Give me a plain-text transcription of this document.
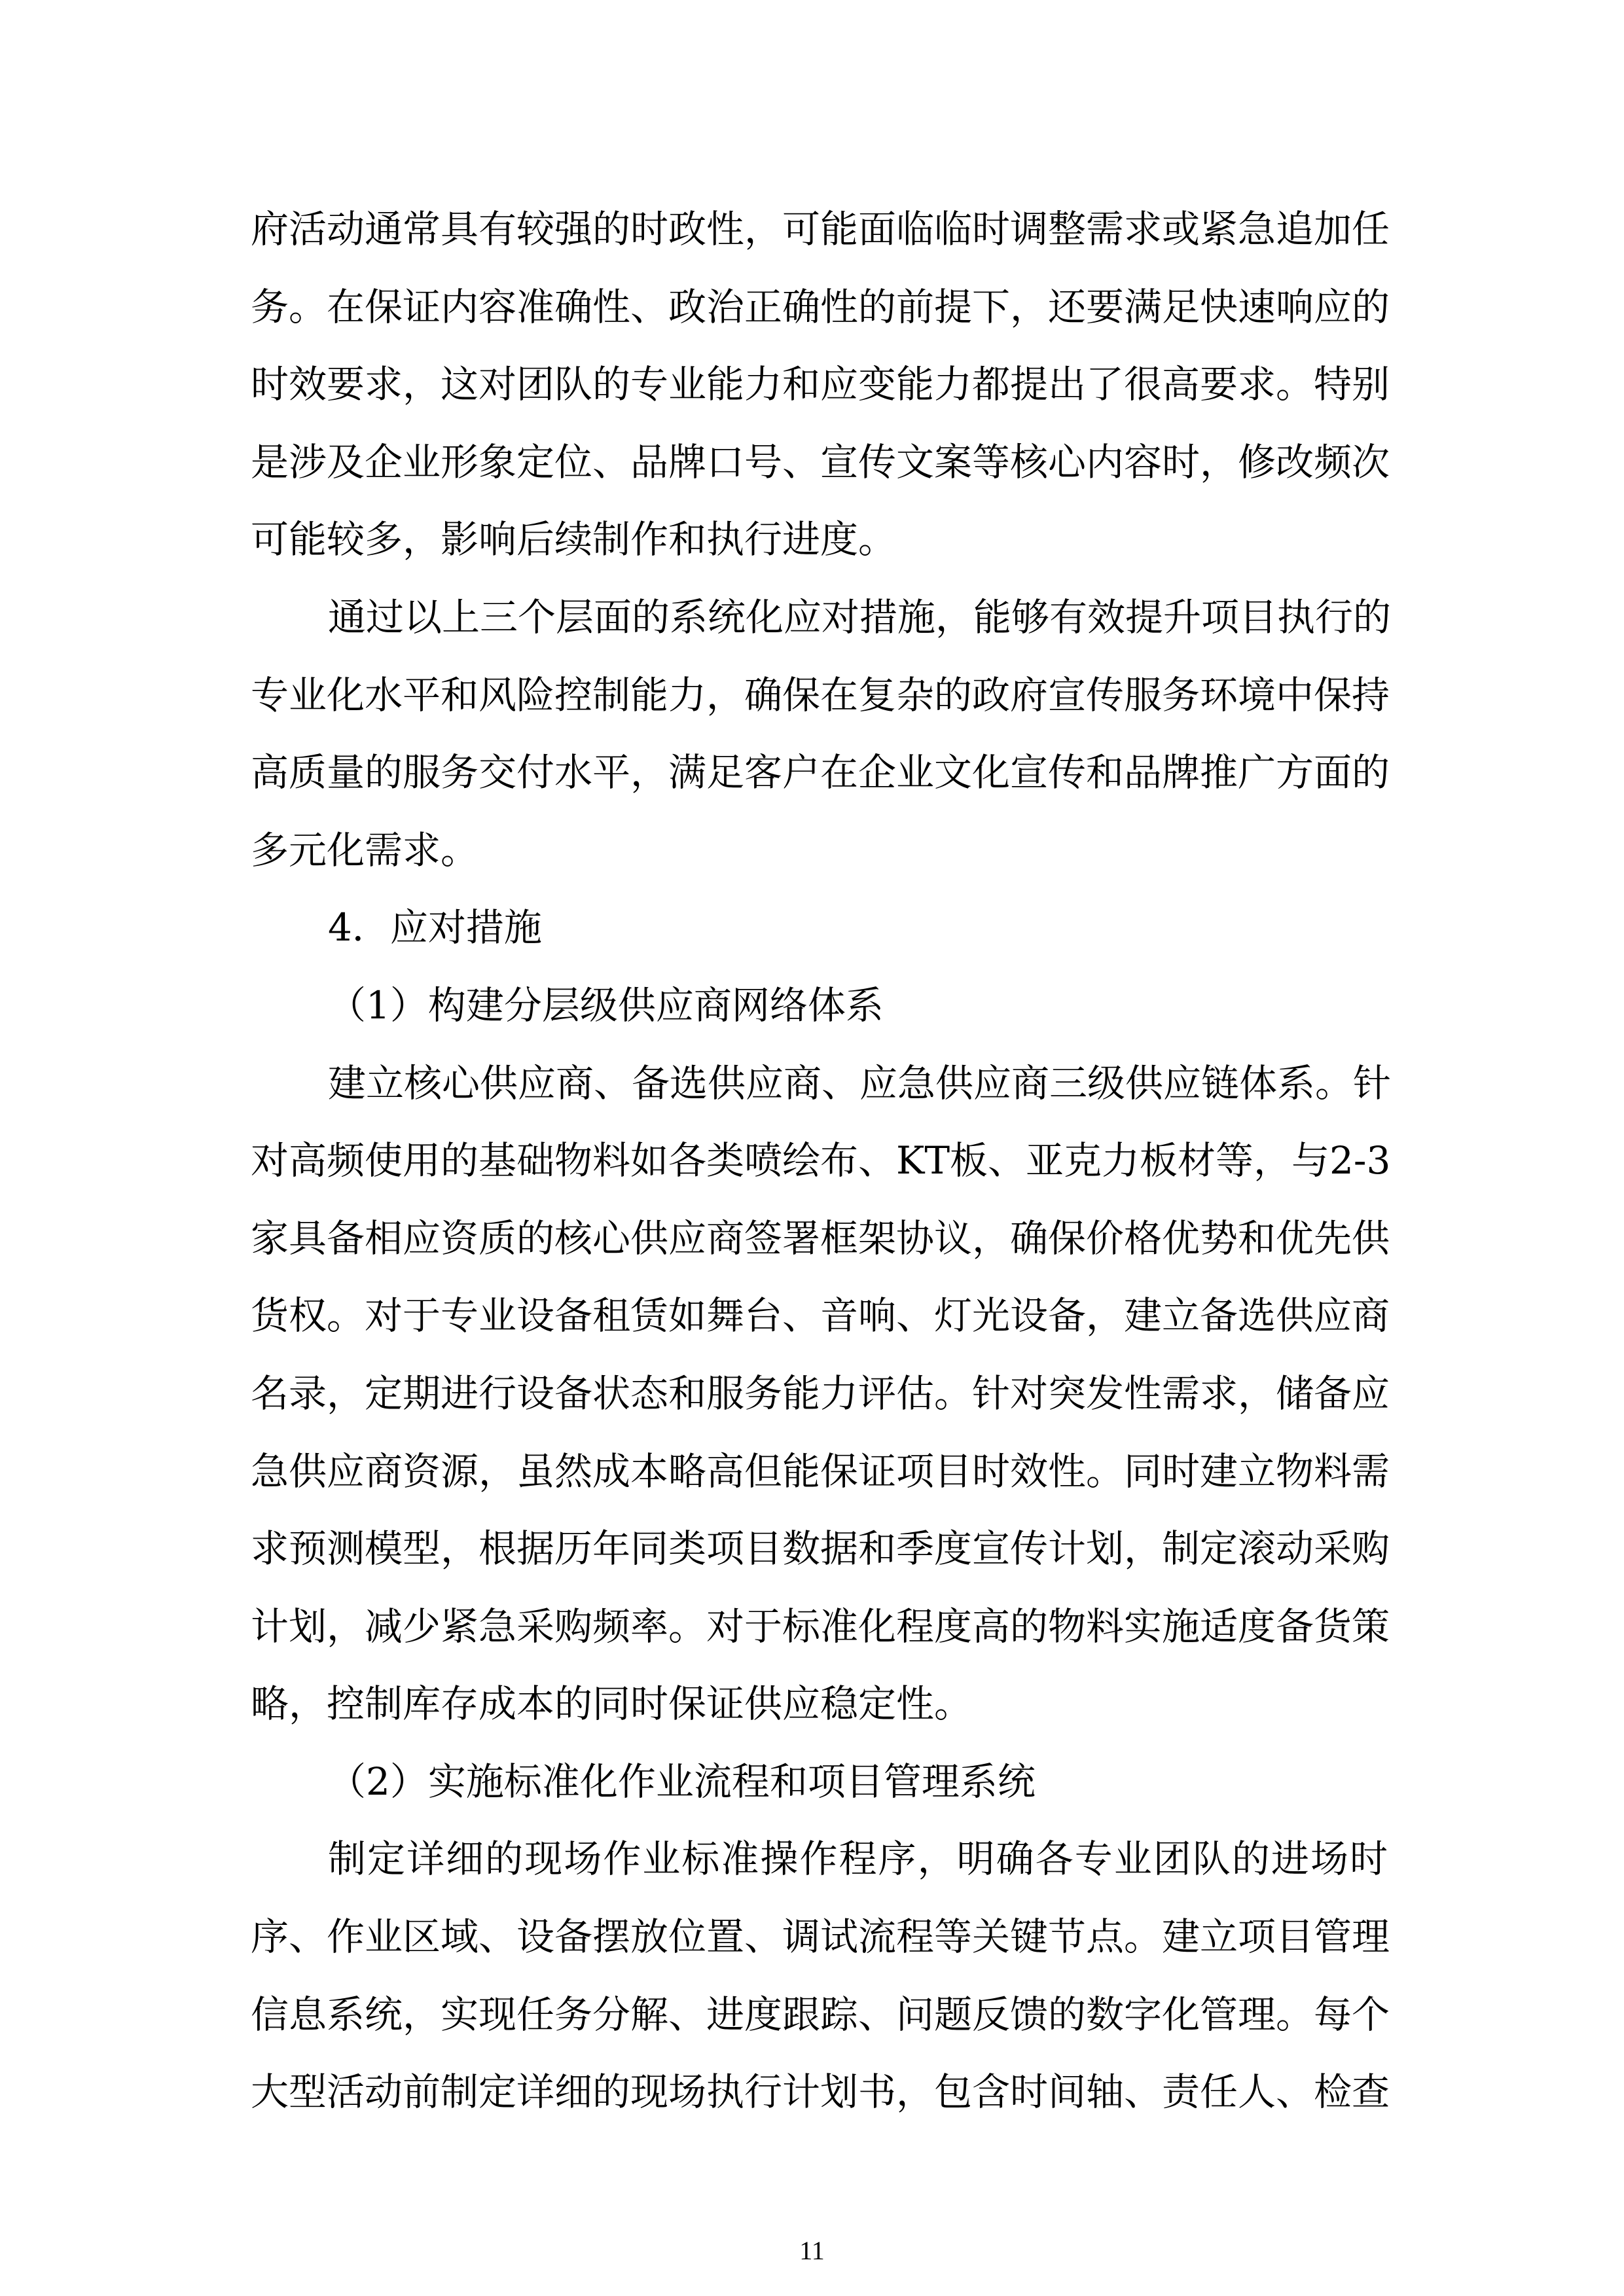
府活动通常具有较强的时政性，可能面临临时调整需求或紧急追加任
务。在保证内容准确性、政治正确性的前提下，还要满足快速响应的
时效要求，这对团队的专业能力和应变能力都提出了很高要求。特别
是涉及企业形象定位、品牌口号、宣传文案等核心内容时，修改频次
可能较多，影响后续制作和执行进度。
通过以上三个层面的系统化应对措施，能够有效提升项目执行的
专业化水平和风险控制能力，确保在复杂的政府宣传服务环境中保持
高质量的服务交付水平，满足客户在企业文化宣传和品牌推广方面的
多元化需求。
4．应对措施
（1）构建分层级供应商网络体系
建立核心供应商、备选供应商、应急供应商三级供应链体系。针
对高频使用的基础物料如各类喷绘布、KT板、亚克力板材等，与2-3
家具备相应资质的核心供应商签署框架协议，确保价格优势和优先供
货权。对于专业设备租赁如舞台、音响、灯光设备，建立备选供应商
名录，定期进行设备状态和服务能力评估。针对突发性需求，储备应
急供应商资源，虽然成本略高但能保证项目时效性。同时建立物料需
求预测模型，根据历年同类项目数据和季度宣传计划，制定滚动采购
计划，减少紧急采购频率。对于标准化程度高的物料实施适度备货策
略，控制库存成本的同时保证供应稳定性。
（2）实施标准化作业流程和项目管理系统
制定详细的现场作业标准操作程序，明确各专业团队的进场时
序、作业区域、设备摆放位置、调试流程等关键节点。建立项目管理
信息系统，实现任务分解、进度跟踪、问题反馈的数字化管理。每个
大型活动前制定详细的现场执行计划书，包含时间轴、责任人、检查
11
